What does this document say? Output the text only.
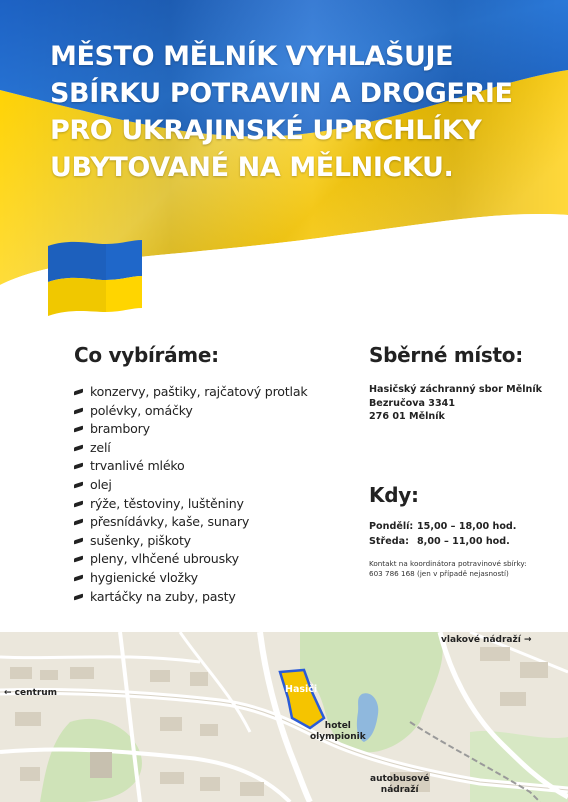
MĚSTO MĚLNÍK VYHLAŠUJE
SBÍRKU POTRAVIN A DROGERIE
PRO UKRAJINSKÉ UPRCHLÍKY
UBYTOVANÉ NA MĚLNICKU.
Co vybíráme:
konzervy, paštiky, rajčatový protlak
polévky, omáčky
brambory
zelí
trvanlivé mléko
olej
rýže, těstoviny, luštěniny
přesnídávky, kaše, sunary
sušenky, piškoty
pleny, vlhčené ubrousky
hygienické vložky
kartáčky na zuby, pasty
Sběrné místo:
Hasičský záchranný sbor Mělník
Bezručova 3341
276 01 Mělník
Kdy:
Pondělí: 15,00 – 18,00 hod.
Středa: 8,00 – 11,00 hod.
Kontakt na koordinátora potravinové sbírky:
603 786 168 (jen v případě nejasností)
vlakové nádraží →
← centrum	Hasiči
hotel
olympionik
autobusové
nádraží
